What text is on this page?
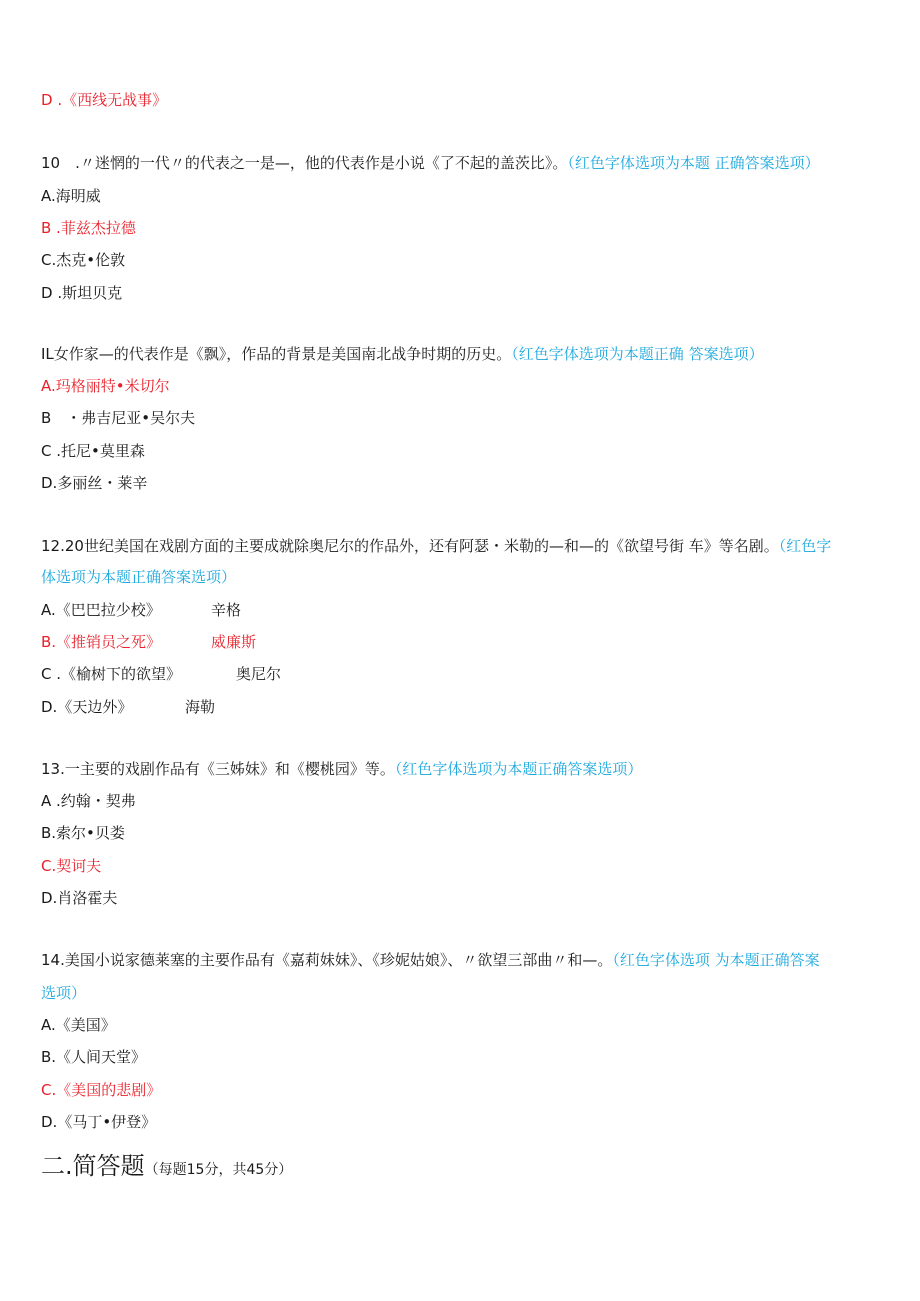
D .《西线无战事》
10　.〃迷惘的一代〃的代表之一是—，他的代表作是小说《了不起的盖茨比》。（红色字体选项为本题 正确答案选项）
A.海明威
B .菲兹杰拉德
C.杰克•伦敦
D .斯坦贝克
IL女作家—的代表作是《飘》，作品的背景是美国南北战争时期的历史。（红色字体选项为本题正确 答案选项）
A.玛格丽特•米切尔
B　・弗吉尼亚•吴尔夫
C .托尼•莫里森
D.多丽丝・莱辛
12.20世纪美国在戏剧方面的主要成就除奥尼尔的作品外，还有阿瑟・米勒的—和—的《欲望号街 车》等名剧。（红色字
体选项为本题正确答案选项）
A.《巴巴拉少校》	辛格
B.《推销员之死》	威廉斯
C .《榆树下的欲望》	奥尼尔
D.《天边外》	海勒
13.一主要的戏剧作品有《三姊妹》和《樱桃园》等。（红色字体选项为本题正确答案选项）
A .约翰・契弗
B.索尔•贝娄
C.契诃夫
D.肖洛霍夫
14.美国小说家德莱塞的主要作品有《嘉莉妹妹》、《珍妮姑娘》、〃欲望三部曲〃和—。（红色字体选项 为本题正确答案
选项）
A.《美国》
B.《人间天堂》
C.《美国的悲剧》
D.《马丁•伊登》
二.简答题（每题15分，共45分）
